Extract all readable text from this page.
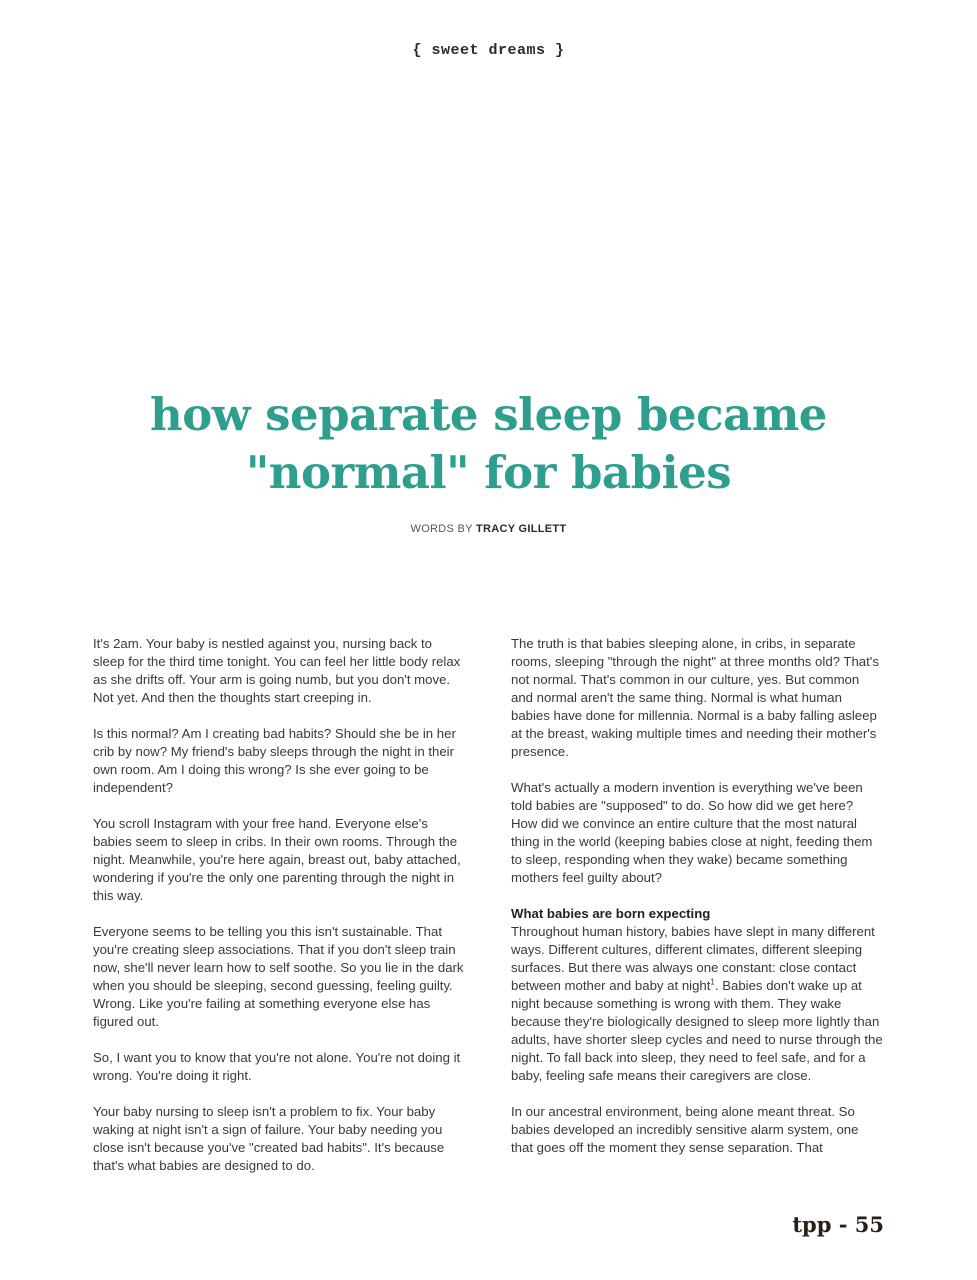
{ sweet dreams }
how separate sleep became
"normal" for babies
WORDS BY TRACY GILLETT

It's 2am. Your baby is nestled against you, nursing back to sleep for the third time tonight. You can feel her little body relax as she drifts off. Your arm is going numb, but you don't move. Not yet. And then the thoughts start creeping in.

Is this normal? Am I creating bad habits? Should she be in her crib by now? My friend's baby sleeps through the night in their own room. Am I doing this wrong? Is she ever going to be independent?

You scroll Instagram with your free hand. Everyone else's babies seem to sleep in cribs. In their own rooms. Through the night. Meanwhile, you're here again, breast out, baby attached, wondering if you're the only one parenting through the night in this way.

Everyone seems to be telling you this isn't sustainable. That you're creating sleep associations. That if you don't sleep train now, she'll never learn how to self soothe. So you lie in the dark when you should be sleeping, second guessing, feeling guilty. Wrong. Like you're failing at something everyone else has figured out.

So, I want you to know that you're not alone. You're not doing it wrong. You're doing it right.

Your baby nursing to sleep isn't a problem to fix. Your baby waking at night isn't a sign of failure. Your baby needing you close isn't because you've "created bad habits". It's because that's what babies are designed to do.

The truth is that babies sleeping alone, in cribs, in separate rooms, sleeping "through the night" at three months old? That's not normal. That's common in our culture, yes. But common and normal aren't the same thing. Normal is what human babies have done for millennia. Normal is a baby falling asleep at the breast, waking multiple times and needing their mother's presence.

What's actually a modern invention is everything we've been told babies are "supposed" to do. So how did we get here? How did we convince an entire culture that the most natural thing in the world (keeping babies close at night, feeding them to sleep, responding when they wake) became something mothers feel guilty about?

What babies are born expecting

Throughout human history, babies have slept in many different ways. Different cultures, different climates, different sleeping surfaces. But there was always one constant: close contact between mother and baby at night$^1$. Babies don't wake up at night because something is wrong with them. They wake because they're biologically designed to sleep more lightly than adults, have shorter sleep cycles and need to nurse through the night. To fall back into sleep, they need to feel safe, and for a baby, feeling safe means their caregivers are close.

In our ancestral environment, being alone meant threat. So babies developed an incredibly sensitive alarm system, one that goes off the moment they sense separation. That

tpp - 55
